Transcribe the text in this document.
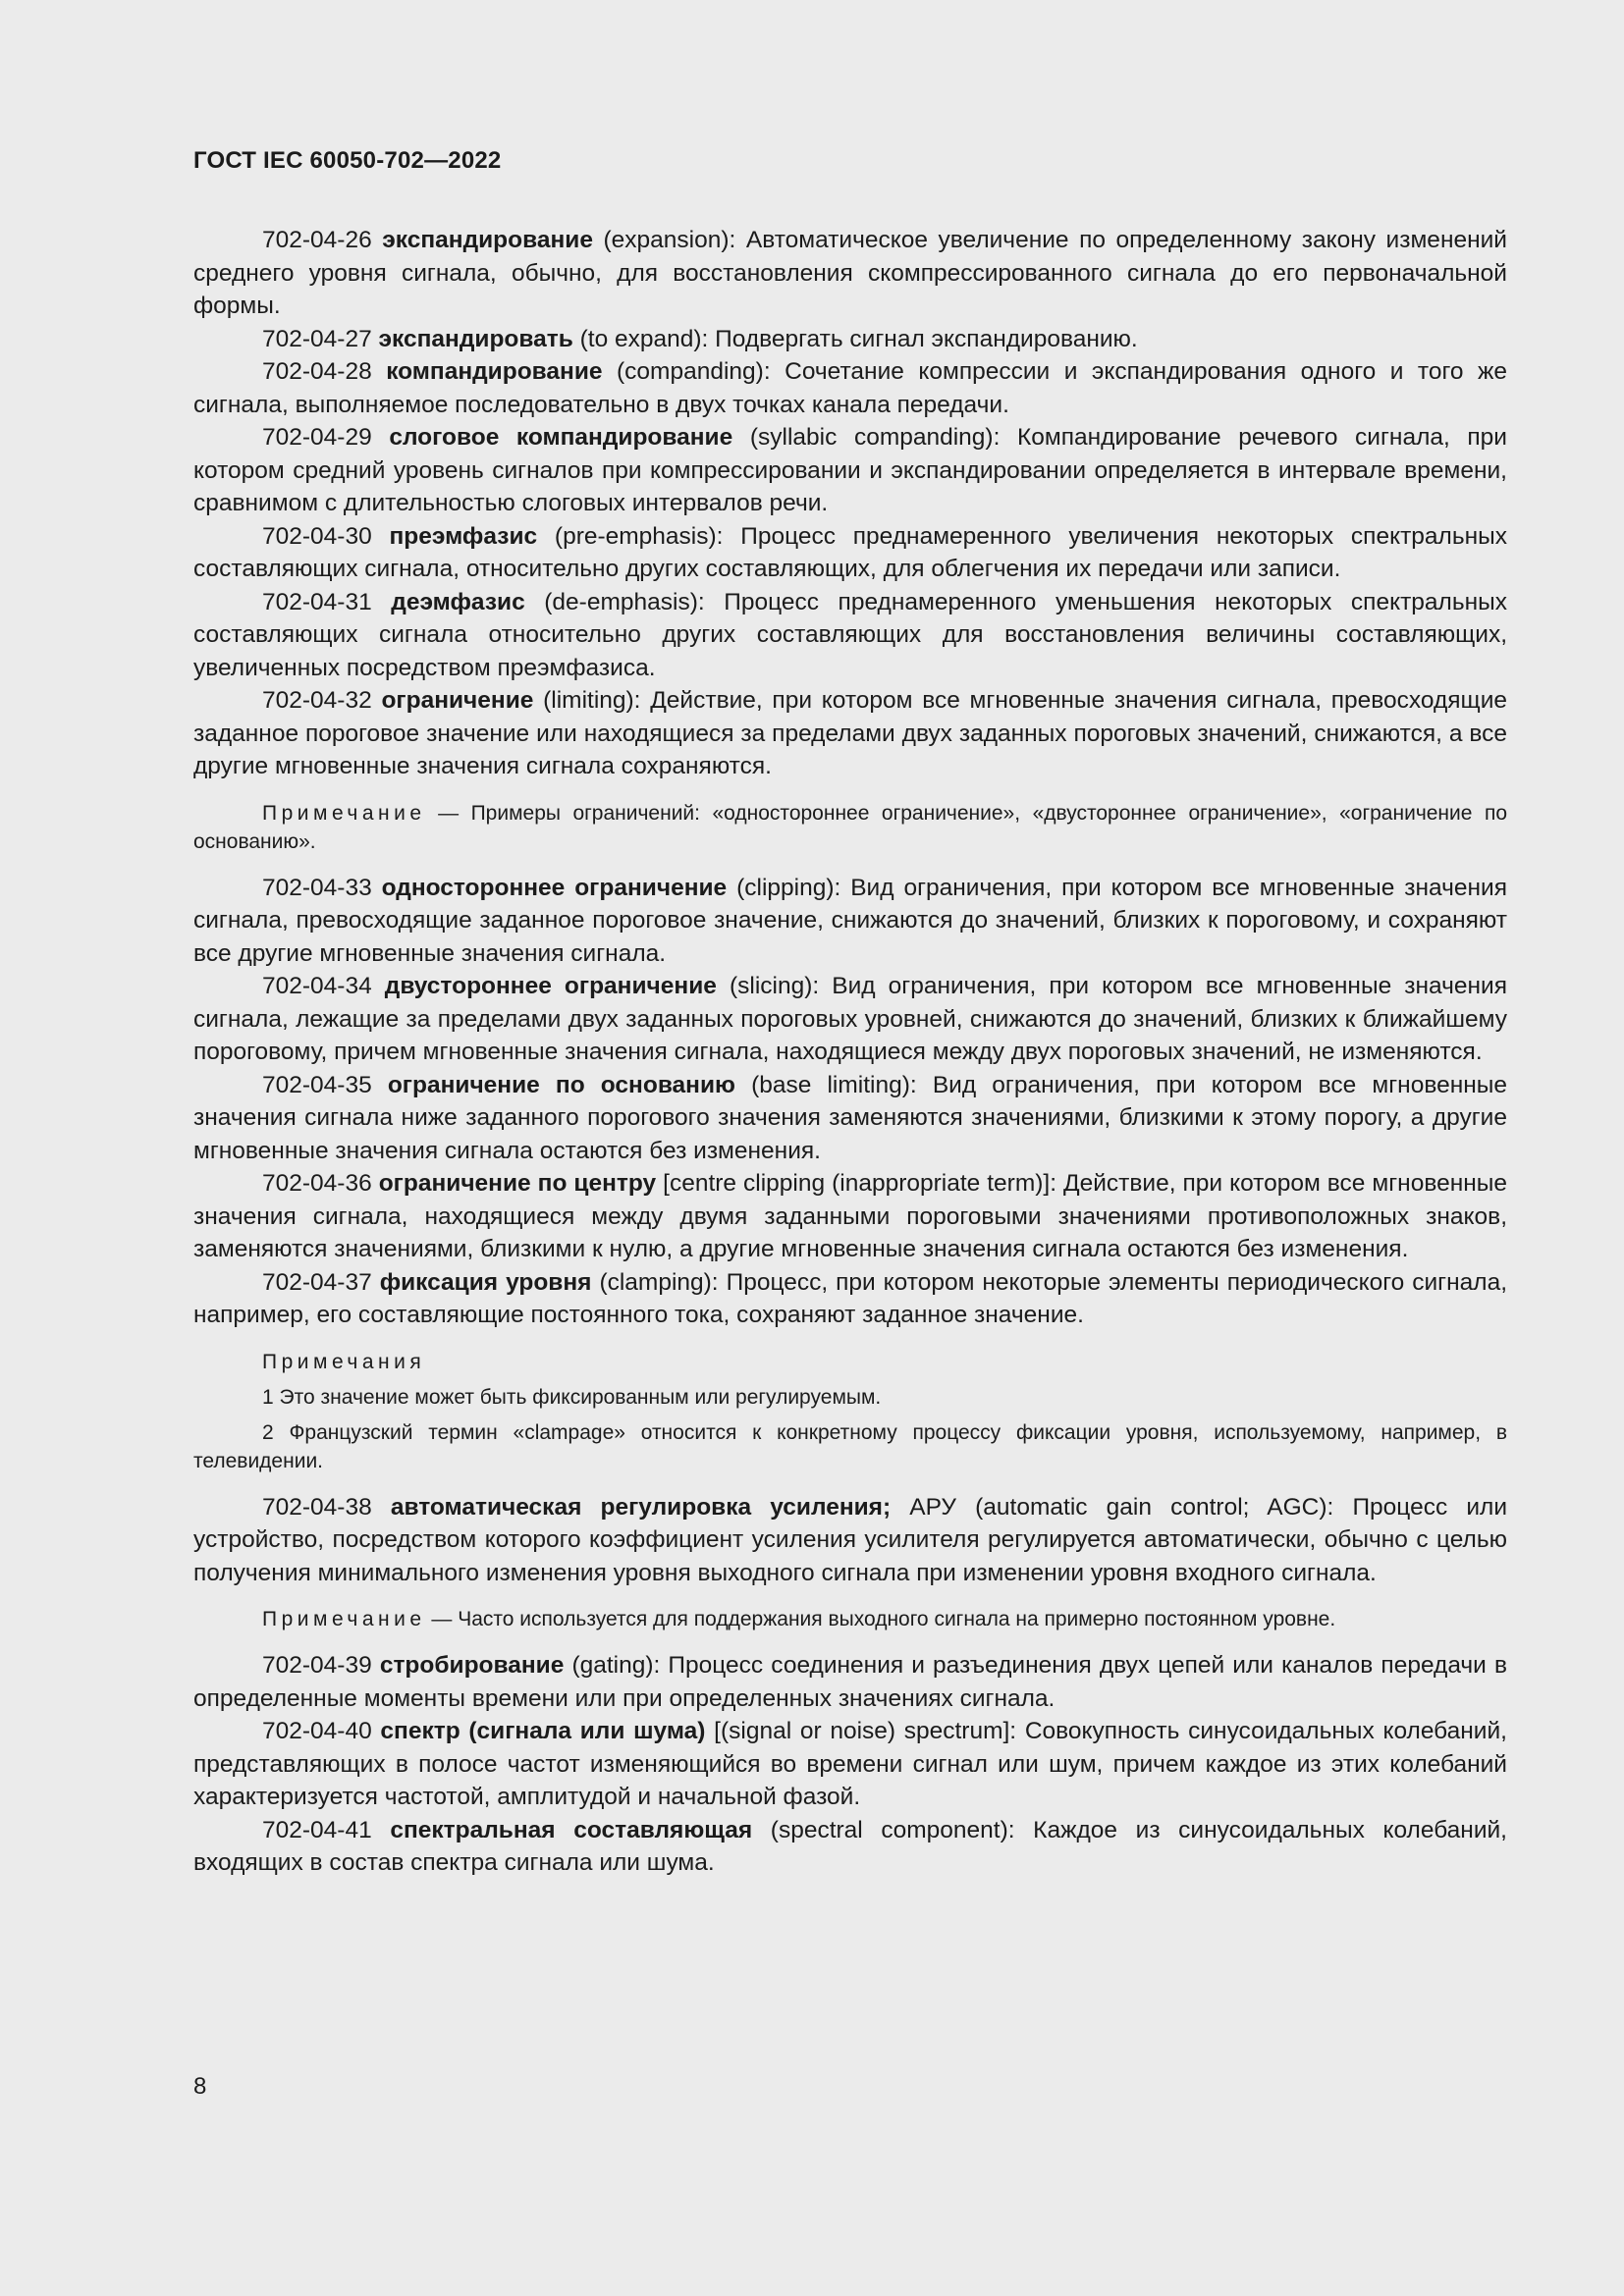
ГОСТ IEC 60050-702—2022

702-04-26 экспандирование (expansion): Автоматическое увеличение по определенному закону изменений среднего уровня сигнала, обычно, для восстановления скомпрессированного сигнала до его первоначальной формы.

702-04-27 экспандировать (to expand): Подвергать сигнал экспандированию.

702-04-28 компандирование (companding): Сочетание компрессии и экспандирования одного и того же сигнала, выполняемое последовательно в двух точках канала передачи.

702-04-29 слоговое компандирование (syllabic companding): Компандирование речевого сигнала, при котором средний уровень сигналов при компрессировании и экспандировании определяется в интервале времени, сравнимом с длительностью слоговых интервалов речи.

702-04-30 преэмфазис (pre-emphasis): Процесс преднамеренного увеличения некоторых спектральных составляющих сигнала, относительно других составляющих, для облегчения их передачи или записи.

702-04-31 деэмфазис (de-emphasis): Процесс преднамеренного уменьшения некоторых спектральных составляющих сигнала относительно других составляющих для восстановления величины составляющих, увеличенных посредством преэмфазиса.

702-04-32 ограничение (limiting): Действие, при котором все мгновенные значения сигнала, превосходящие заданное пороговое значение или находящиеся за пределами двух заданных пороговых значений, снижаются, а все другие мгновенные значения сигнала сохраняются.

Примечание — Примеры ограничений: «одностороннее ограничение», «двустороннее ограничение», «ограничение по основанию».

702-04-33 одностороннее ограничение (clipping): Вид ограничения, при котором все мгновенные значения сигнала, превосходящие заданное пороговое значение, снижаются до значений, близких к пороговому, и сохраняют все другие мгновенные значения сигнала.

702-04-34 двустороннее ограничение (slicing): Вид ограничения, при котором все мгновенные значения сигнала, лежащие за пределами двух заданных пороговых уровней, снижаются до значений, близких к ближайшему пороговому, причем мгновенные значения сигнала, находящиеся между двух пороговых значений, не изменяются.

702-04-35 ограничение по основанию (base limiting): Вид ограничения, при котором все мгновенные значения сигнала ниже заданного порогового значения заменяются значениями, близкими к этому порогу, а другие мгновенные значения сигнала остаются без изменения.

702-04-36 ограничение по центру [centre clipping (inappropriate term)]: Действие, при котором все мгновенные значения сигнала, находящиеся между двумя заданными пороговыми значениями противоположных знаков, заменяются значениями, близкими к нулю, а другие мгновенные значения сигнала остаются без изменения.

702-04-37 фиксация уровня (clamping): Процесс, при котором некоторые элементы периодического сигнала, например, его составляющие постоянного тока, сохраняют заданное значение.

Примечания

1 Это значение может быть фиксированным или регулируемым.

2 Французский термин «clampage» относится к конкретному процессу фиксации уровня, используемому, например, в телевидении.

702-04-38 автоматическая регулировка усиления; АРУ (automatic gain control; AGC): Процесс или устройство, посредством которого коэффициент усиления усилителя регулируется автоматически, обычно с целью получения минимального изменения уровня выходного сигнала при изменении уровня входного сигнала.

Примечание — Часто используется для поддержания выходного сигнала на примерно постоянном уровне.

702-04-39 стробирование (gating): Процесс соединения и разъединения двух цепей или каналов передачи в определенные моменты времени или при определенных значениях сигнала.

702-04-40 спектр (сигнала или шума) [(signal or noise) spectrum]: Совокупность синусоидальных колебаний, представляющих в полосе частот изменяющийся во времени сигнал или шум, причем каждое из этих колебаний характеризуется частотой, амплитудой и начальной фазой.

702-04-41 спектральная составляющая (spectral component): Каждое из синусоидальных колебаний, входящих в состав спектра сигнала или шума.

8
